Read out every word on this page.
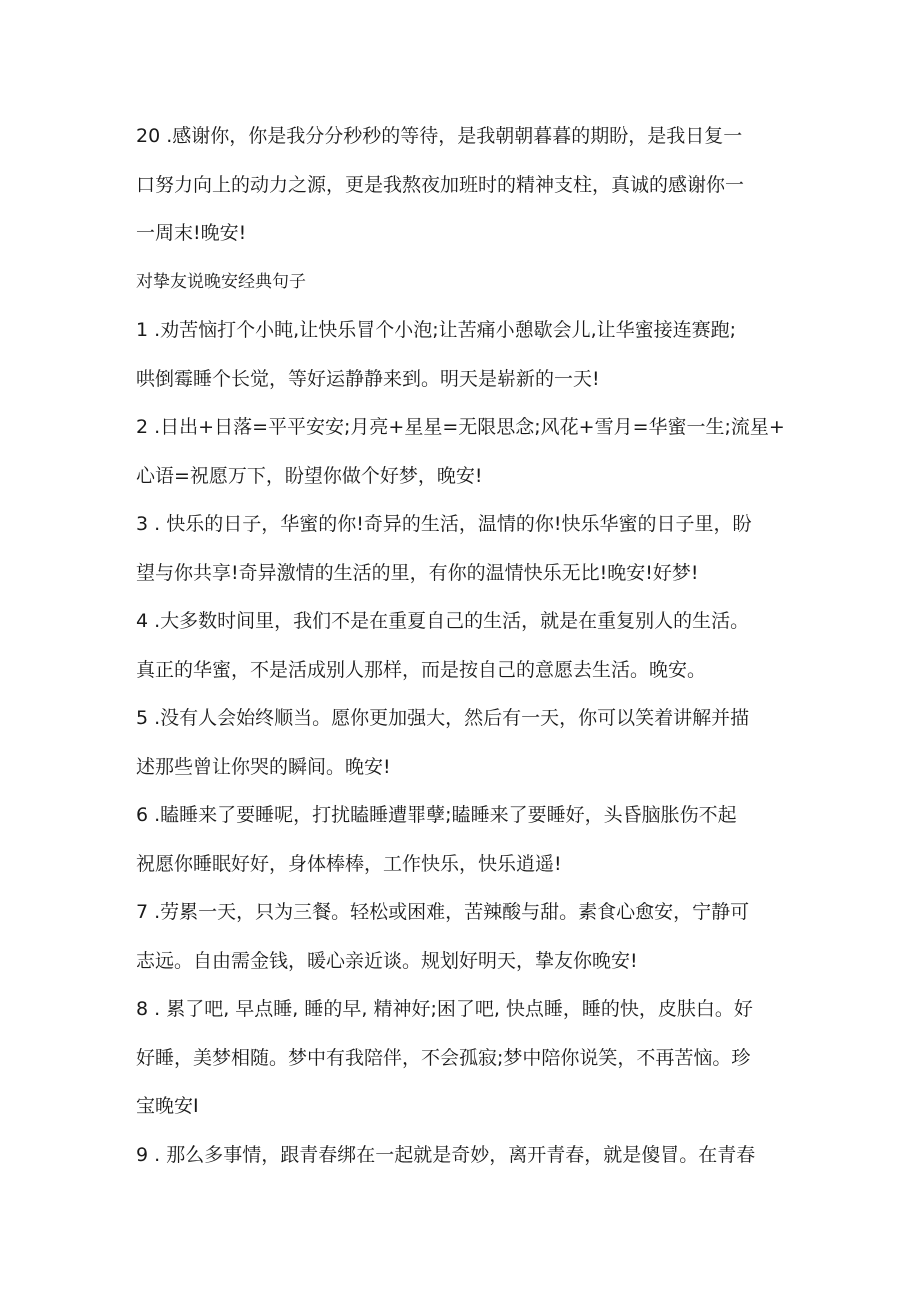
20 .感谢你，你是我分分秒秒的等待，是我朝朝暮暮的期盼，是我日复一
口努力向上的动力之源，更是我熬夜加班时的精神支柱，真诚的感谢你一
一周末!晚安!
对挚友说晚安经典句子
1 .劝苦恼打个小盹,让快乐冒个小泡;让苦痛小憩歇会儿,让华蜜接连赛跑;
哄倒霉睡个长觉，等好运静静来到。明天是崭新的一天!
2 .日出+日落=平平安安;月亮+星星=无限思念;风花+雪月=华蜜一生;流星+
心语=祝愿万下，盼望你做个好梦，晚安!
3 . 快乐的日子，华蜜的你!奇异的生活，温情的你!快乐华蜜的日子里，盼
望与你共享!奇异激情的生活的里，有你的温情快乐无比!晚安!好梦!
4 .大多数时间里，我们不是在重夏自己的生活，就是在重复别人的生活。
真正的华蜜，不是活成别人那样，而是按自己的意愿去生活。晚安。
5 .没有人会始终顺当。愿你更加强大，然后有一天，你可以笑着讲解并描
述那些曾让你哭的瞬间。晚安!
6 .瞌睡来了要睡呢，打扰瞌睡遭罪孽;瞌睡来了要睡好，头昏脑胀伤不起
祝愿你睡眠好好，身体棒棒，工作快乐，快乐逍遥!
7 .劳累一天，只为三餐。轻松或困难，苦辣酸与甜。素食心愈安，宁静可
志远。自由需金钱，暖心亲近谈。规划好明天，挚友你晚安!
8 . 累了吧, 早点睡, 睡的早, 精神好;困了吧, 快点睡，睡的快，皮肤白。好
好睡，美梦相随。梦中有我陪伴，不会孤寂;梦中陪你说笑，不再苦恼。珍
宝晚安I
9 . 那么多事情，跟青春绑在一起就是奇妙，离开青春，就是傻冒。在青春
